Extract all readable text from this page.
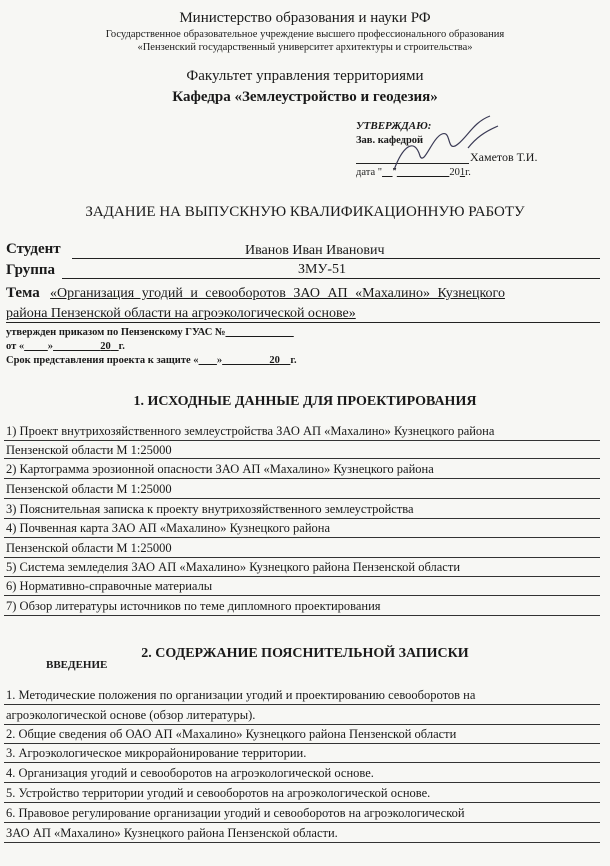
Министерство образования и науки РФ
Государственное образовательное учреждение высшего профессионального образования
«Пензенский государственный университет архитектуры и строительства»
Факультет управления территориями
Кафедра «Землеустройство и геодезия»
УТВЕРЖДАЮ:
Зав. кафедрой
Хаметов Т.И.
дата " "	201г.
ЗАДАНИЕ НА ВЫПУСКНУЮ КВАЛИФИКАЦИОННУЮ РАБОТУ
Студент	Иванов Иван Иванович
Группа	ЗМУ-51
Тема «Организация угодий и севооборотов ЗАО АП «Махалино» Кузнецкого
района Пензенской области на агроэкологической основе»
утвержден приказом по Пензенскому ГУАС №
от « »	20 г.
Срок представления проекта к защите « »	20 г.
1. ИСХОДНЫЕ ДАННЫЕ ДЛЯ ПРОЕКТИРОВАНИЯ
1) Проект внутрихозяйственного землеустройства ЗАО АП «Махалино» Кузнецкого района
Пензенской области М 1:25000
2) Картограмма эрозионной опасности ЗАО АП «Махалино» Кузнецкого района
Пензенской области М 1:25000
3) Пояснительная записка к проекту внутрихозяйственного землеустройства
4) Почвенная карта ЗАО АП «Махалино» Кузнецкого района
Пензенской области М 1:25000
5) Система земледелия ЗАО АП «Махалино» Кузнецкого района Пензенской области
6) Нормативно-справочные материалы
7) Обзор литературы источников по теме дипломного проектирования
2. СОДЕРЖАНИЕ ПОЯСНИТЕЛЬНОЙ ЗАПИСКИ
ВВЕДЕНИЕ
1. Методические положения по организации угодий и проектированию севооборотов на
агроэкологической основе (обзор литературы).
2. Общие сведения об ОАО АП «Махалино» Кузнецкого района Пензенской области
3. Агроэкологическое микрорайонирование территории.
4. Организация угодий и севооборотов на агроэкологической основе.
5. Устройство территории угодий и севооборотов на агроэкологической основе.
6. Правовое регулирование организации угодий и севооборотов на агроэкологической
ЗАО АП «Махалино» Кузнецкого района Пензенской области.
